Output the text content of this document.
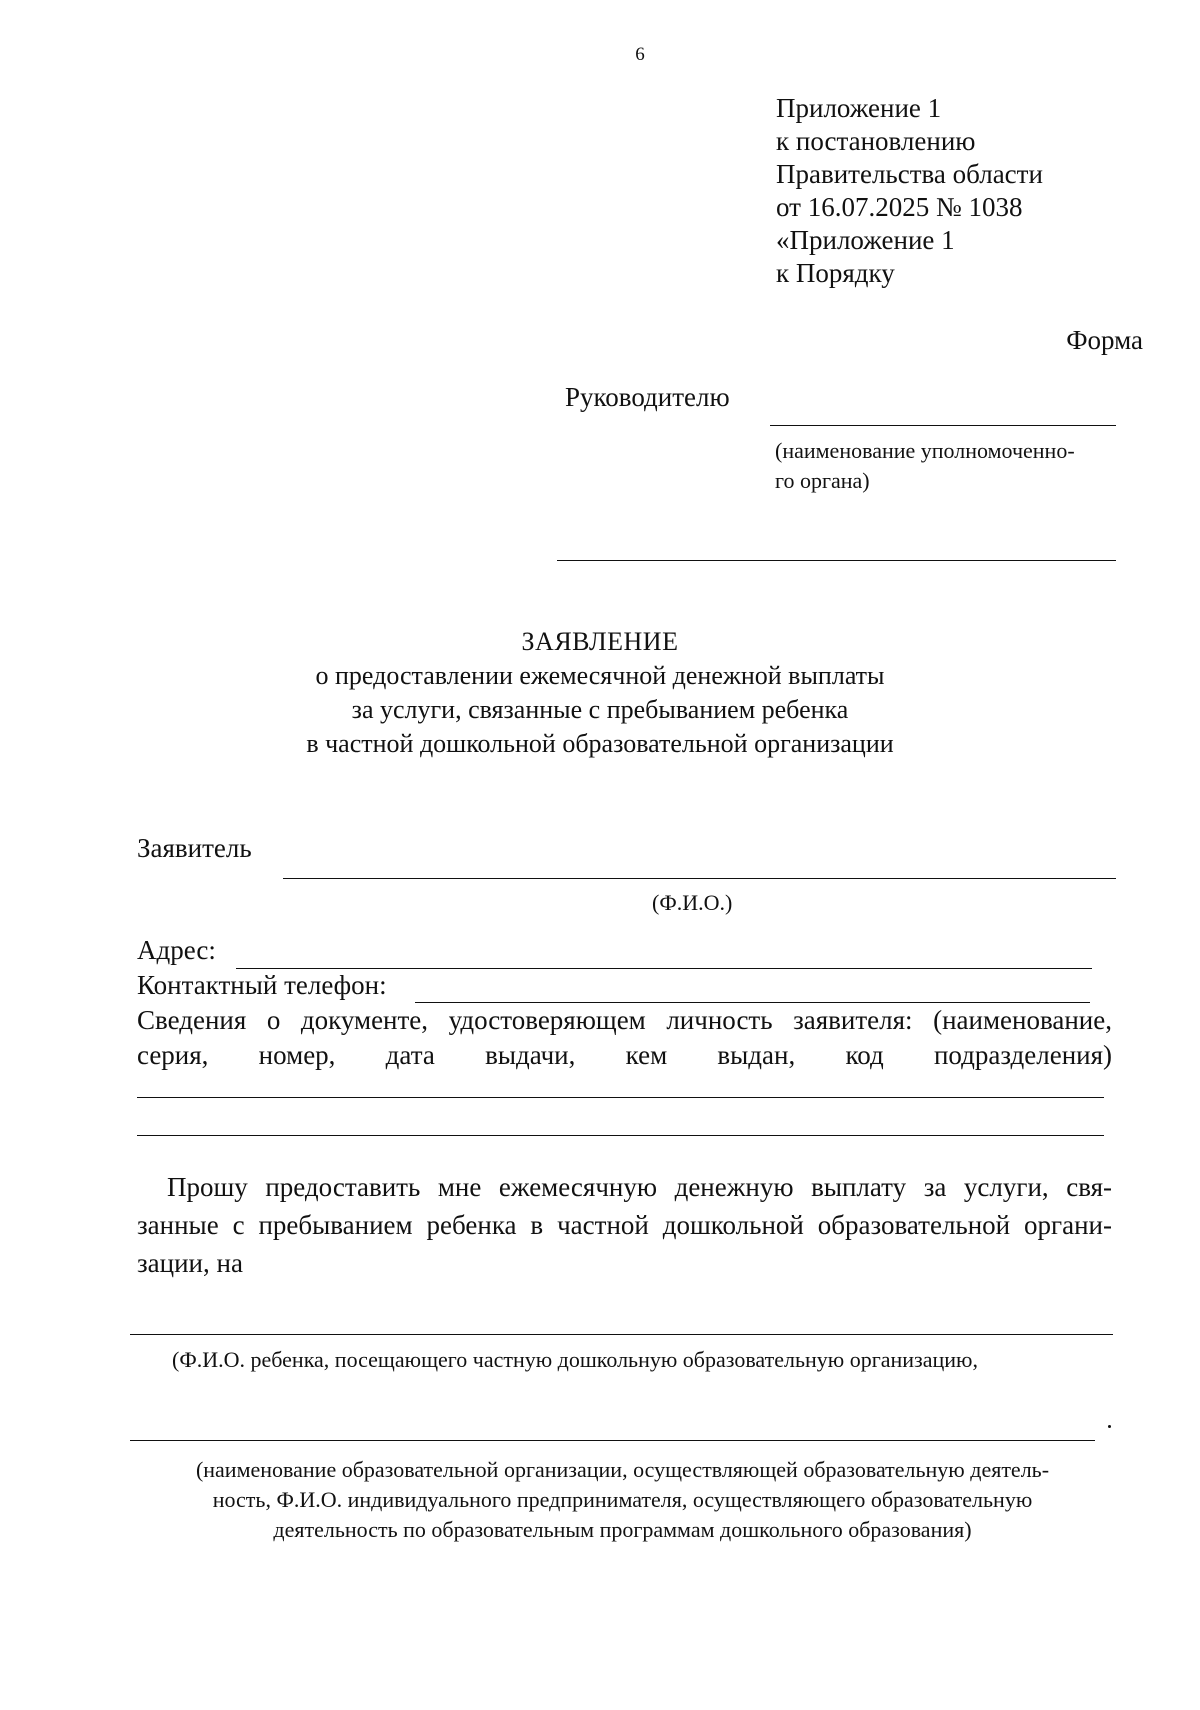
6
Приложение 1
к постановлению
Правительства области
от 16.07.2025 № 1038
«Приложение 1
к Порядку
Форма
Руководителю
(наименование уполномоченно-
го органа)
ЗАЯВЛЕНИЕ
о предоставлении ежемесячной денежной выплаты
за услуги, связанные с пребыванием ребенка
в частной дошкольной образовательной организации
Заявитель
(Ф.И.О.)
Адрес:
Контактный телефон:
Сведения о документе, удостоверяющем личность заявителя: (наименование,
серия, номер, дата выдачи, кем выдан, код подразделения)
Прошу предоставить мне ежемесячную денежную выплату за услуги, свя-
занные с пребыванием ребенка в частной дошкольной образовательной органи-
зации, на
(Ф.И.О. ребенка, посещающего частную дошкольную образовательную организацию,
(наименование образовательной организации, осуществляющей образовательную деятель-
ность, Ф.И.О. индивидуального предпринимателя, осуществляющего образовательную
деятельность по образовательным программам дошкольного образования)
